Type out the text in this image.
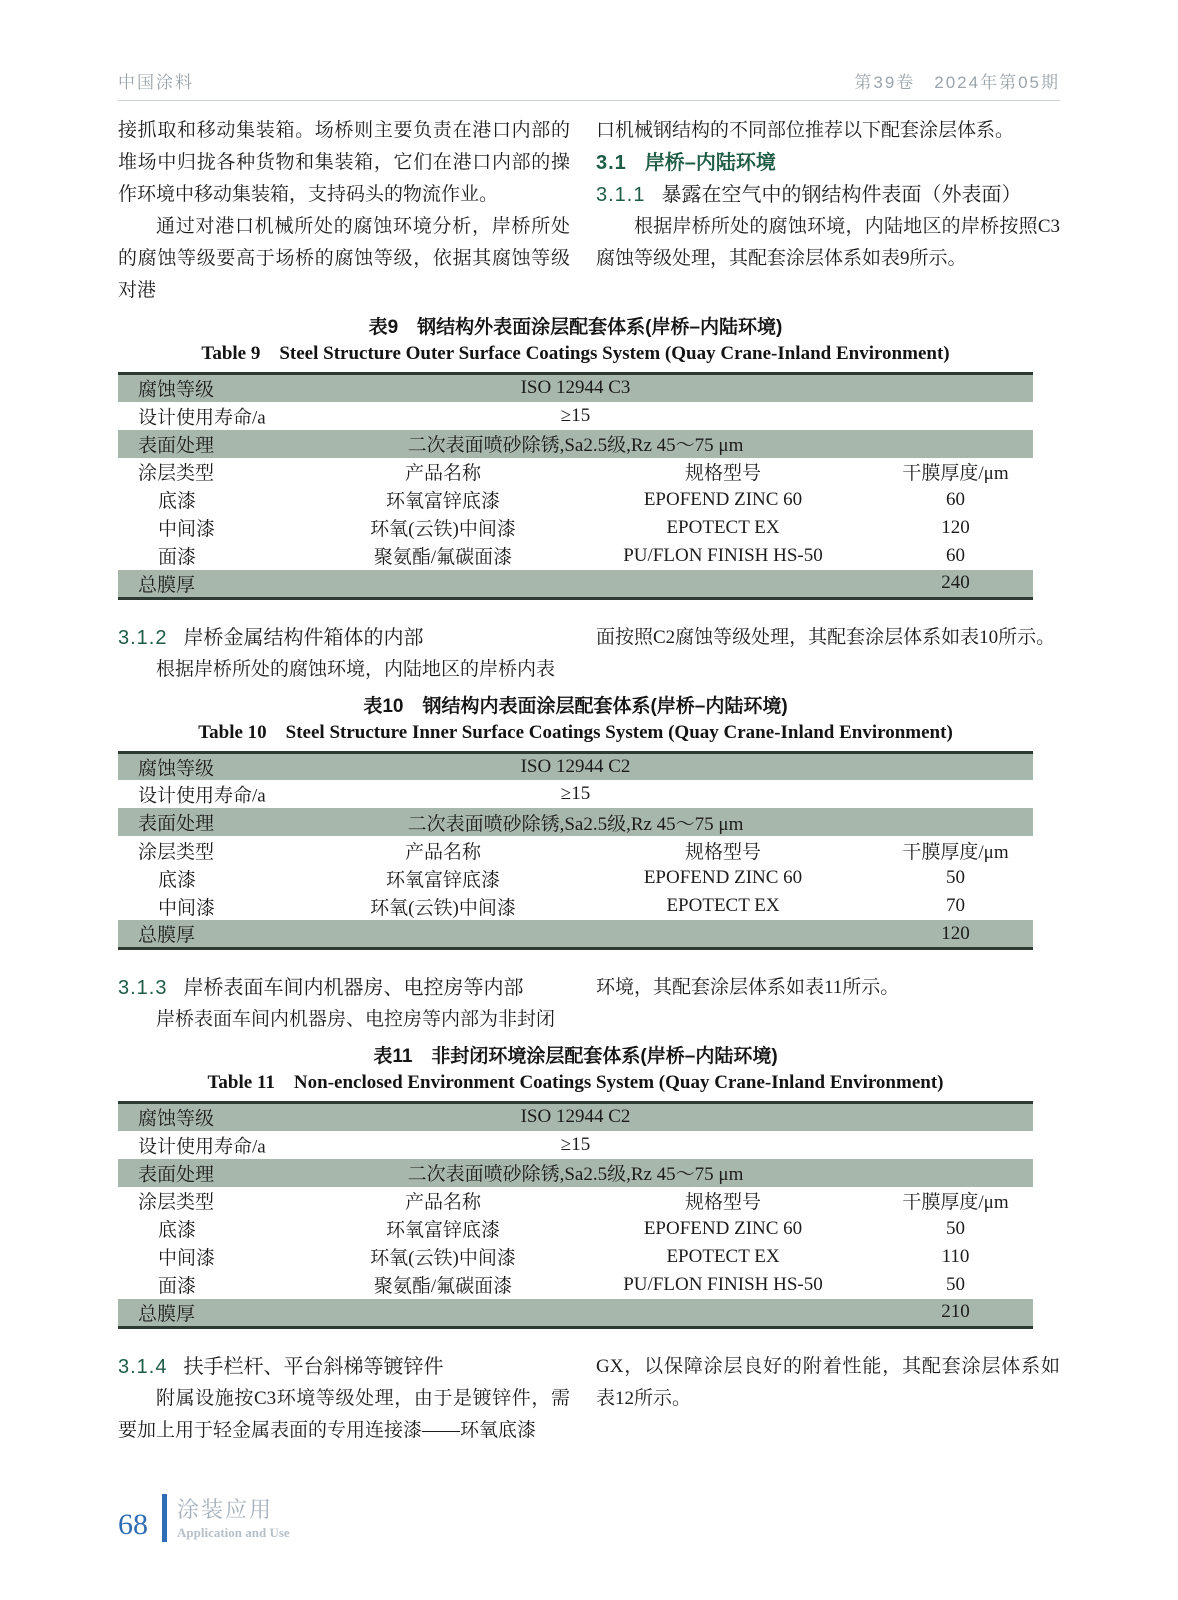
中国涂料	第39卷　2024年第05期

接抓取和移动集装箱。场桥则主要负责在港口内部的堆场中归拢各种货物和集装箱，它们在港口内部的操作环境中移动集装箱，支持码头的物流作业。

通过对港口机械所处的腐蚀环境分析，岸桥所处的腐蚀等级要高于场桥的腐蚀等级，依据其腐蚀等级对港

口机械钢结构的不同部位推荐以下配套涂层体系。

3.1 岸桥–内陆环境
3.1.1 暴露在空气中的钢结构件表面（外表面）

根据岸桥所处的腐蚀环境，内陆地区的岸桥按照C3腐蚀等级处理，其配套涂层体系如表9所示。

表9　钢结构外表面涂层配套体系(岸桥–内陆环境)
Table 9　Steel Structure Outer Surface Coatings System (Quay Crane-Inland Environment)
腐蚀等级 ISO 12944 C3			

设计使用寿命/a ≥15			

表面处理 二次表面喷砂除锈,Sa2.5级,Rz 45～75 μm			
涂层类型	产品名称	规格型号	干膜厚度/μm
底漆	环氧富锌底漆	EPOFEND ZINC 60	60
中间漆	环氧(云铁)中间漆	EPOTECT EX	120
面漆	聚氨酯/氟碳面漆	PU/FLON FINISH HS-50	60
总膜厚			240
3.1.2 岸桥金属结构件箱体的内部

根据岸桥所处的腐蚀环境，内陆地区的岸桥内表

面按照C2腐蚀等级处理，其配套涂层体系如表10所示。

表10　钢结构内表面涂层配套体系(岸桥–内陆环境)
Table 10　Steel Structure Inner Surface Coatings System (Quay Crane-Inland Environment)
腐蚀等级 ISO 12944 C2			

设计使用寿命/a ≥15			

表面处理 二次表面喷砂除锈,Sa2.5级,Rz 45～75 μm			
涂层类型	产品名称	规格型号	干膜厚度/μm
底漆	环氧富锌底漆	EPOFEND ZINC 60	50
中间漆	环氧(云铁)中间漆	EPOTECT EX	70
总膜厚			120
3.1.3 岸桥表面车间内机器房、电控房等内部

岸桥表面车间内机器房、电控房等内部为非封闭

环境，其配套涂层体系如表11所示。

表11　非封闭环境涂层配套体系(岸桥–内陆环境)
Table 11　Non-enclosed Environment Coatings System (Quay Crane-Inland Environment)
腐蚀等级 ISO 12944 C2			

设计使用寿命/a ≥15			

表面处理 二次表面喷砂除锈,Sa2.5级,Rz 45～75 μm			
涂层类型	产品名称	规格型号	干膜厚度/μm
底漆	环氧富锌底漆	EPOFEND ZINC 60	50
中间漆	环氧(云铁)中间漆	EPOTECT EX	110
面漆	聚氨酯/氟碳面漆	PU/FLON FINISH HS-50	50
总膜厚			210
3.1.4 扶手栏杆、平台斜梯等镀锌件

附属设施按C3环境等级处理，由于是镀锌件，需要加上用于轻金属表面的专用连接漆——环氧底漆

GX，以保障涂层良好的附着性能，其配套涂层体系如表12所示。

68 涂装应用
Application and Use
